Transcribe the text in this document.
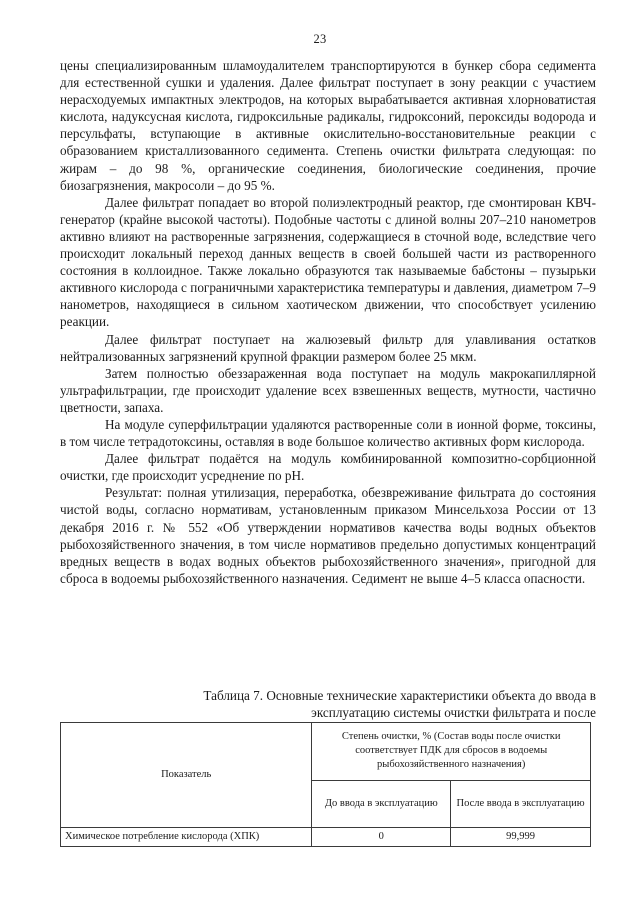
23

цены специализированным шламоудалителем транспортируются в бункер сбора седимента для естественной сушки и удаления. Далее фильтрат поступает в зону реакции с участием нерасходуемых импактных электродов, на которых вырабатывается активная хлорноватистая кислота, надуксусная кислота, гидроксильные радикалы, гидроксоний, пероксиды водорода и персульфаты, вступающие в активные окислительно-восстановительные реакции с образованием кристаллизованного седимента. Степень очистки фильтрата следующая: по жирам – до 98 %, органические соединения, биологические соединения, прочие биозагрязнения, макросоли – до 95 %.

Далее фильтрат попадает во второй полиэлектродный реактор, где смонтирован КВЧ-генератор (крайне высокой частоты). Подобные частоты с длиной волны 207–210 нанометров активно влияют на растворенные загрязнения, содержащиеся в сточной воде, вследствие чего происходит локальный переход данных веществ в своей большей части из растворенного состояния в коллоидное. Также локально образуются так называемые бабстоны – пузырьки активного кислорода с пограничными характеристика температуры и давления, диаметром 7–9 нанометров, находящиеся в сильном хаотическом движении, что способствует усилению реакции.

Далее фильтрат поступает на жалюзевый фильтр для улавливания остатков нейтрализованных загрязнений крупной фракции размером более 25 мкм.

Затем полностью обеззараженная вода поступает на модуль макрокапиллярной ультрафильтрации, где происходит удаление всех взвешенных веществ, мутности, частично цветности, запаха.

На модуле суперфильтрации удаляются растворенные соли в ионной форме, токсины, в том числе тетрадотоксины, оставляя в воде большое количество активных форм кислорода.

Далее фильтрат подаётся на модуль комбинированной композитно-сорбционной очистки, где происходит усреднение по рН.

Результат: полная утилизация, переработка, обезвреживание фильтрата до состояния чистой воды, согласно нормативам, установленным приказом Минсельхоза России от 13 декабря 2016 г. № 552 «Об утверждении нормативов качества воды водных объектов рыбохозяйственного значения, в том числе нормативов предельно допустимых концентраций вредных веществ в водах водных объектов рыбохозяйственного значения», пригодной для сброса в водоемы рыбохозяйственного назначения. Седимент не выше 4–5 класса опасности.

Таблица 7. Основные технические характеристики объекта до ввода в эксплуатацию системы очистки фильтрата и после
Показатель	Степень очистки, % (Состав воды после очистки соответствует ПДК для сбросов в водоемы рыбохозяйственного назначения)	
	До ввода в эксплуатацию	После ввода в эксплуатацию
Химическое потребление кислорода (ХПК)	0	99,999
